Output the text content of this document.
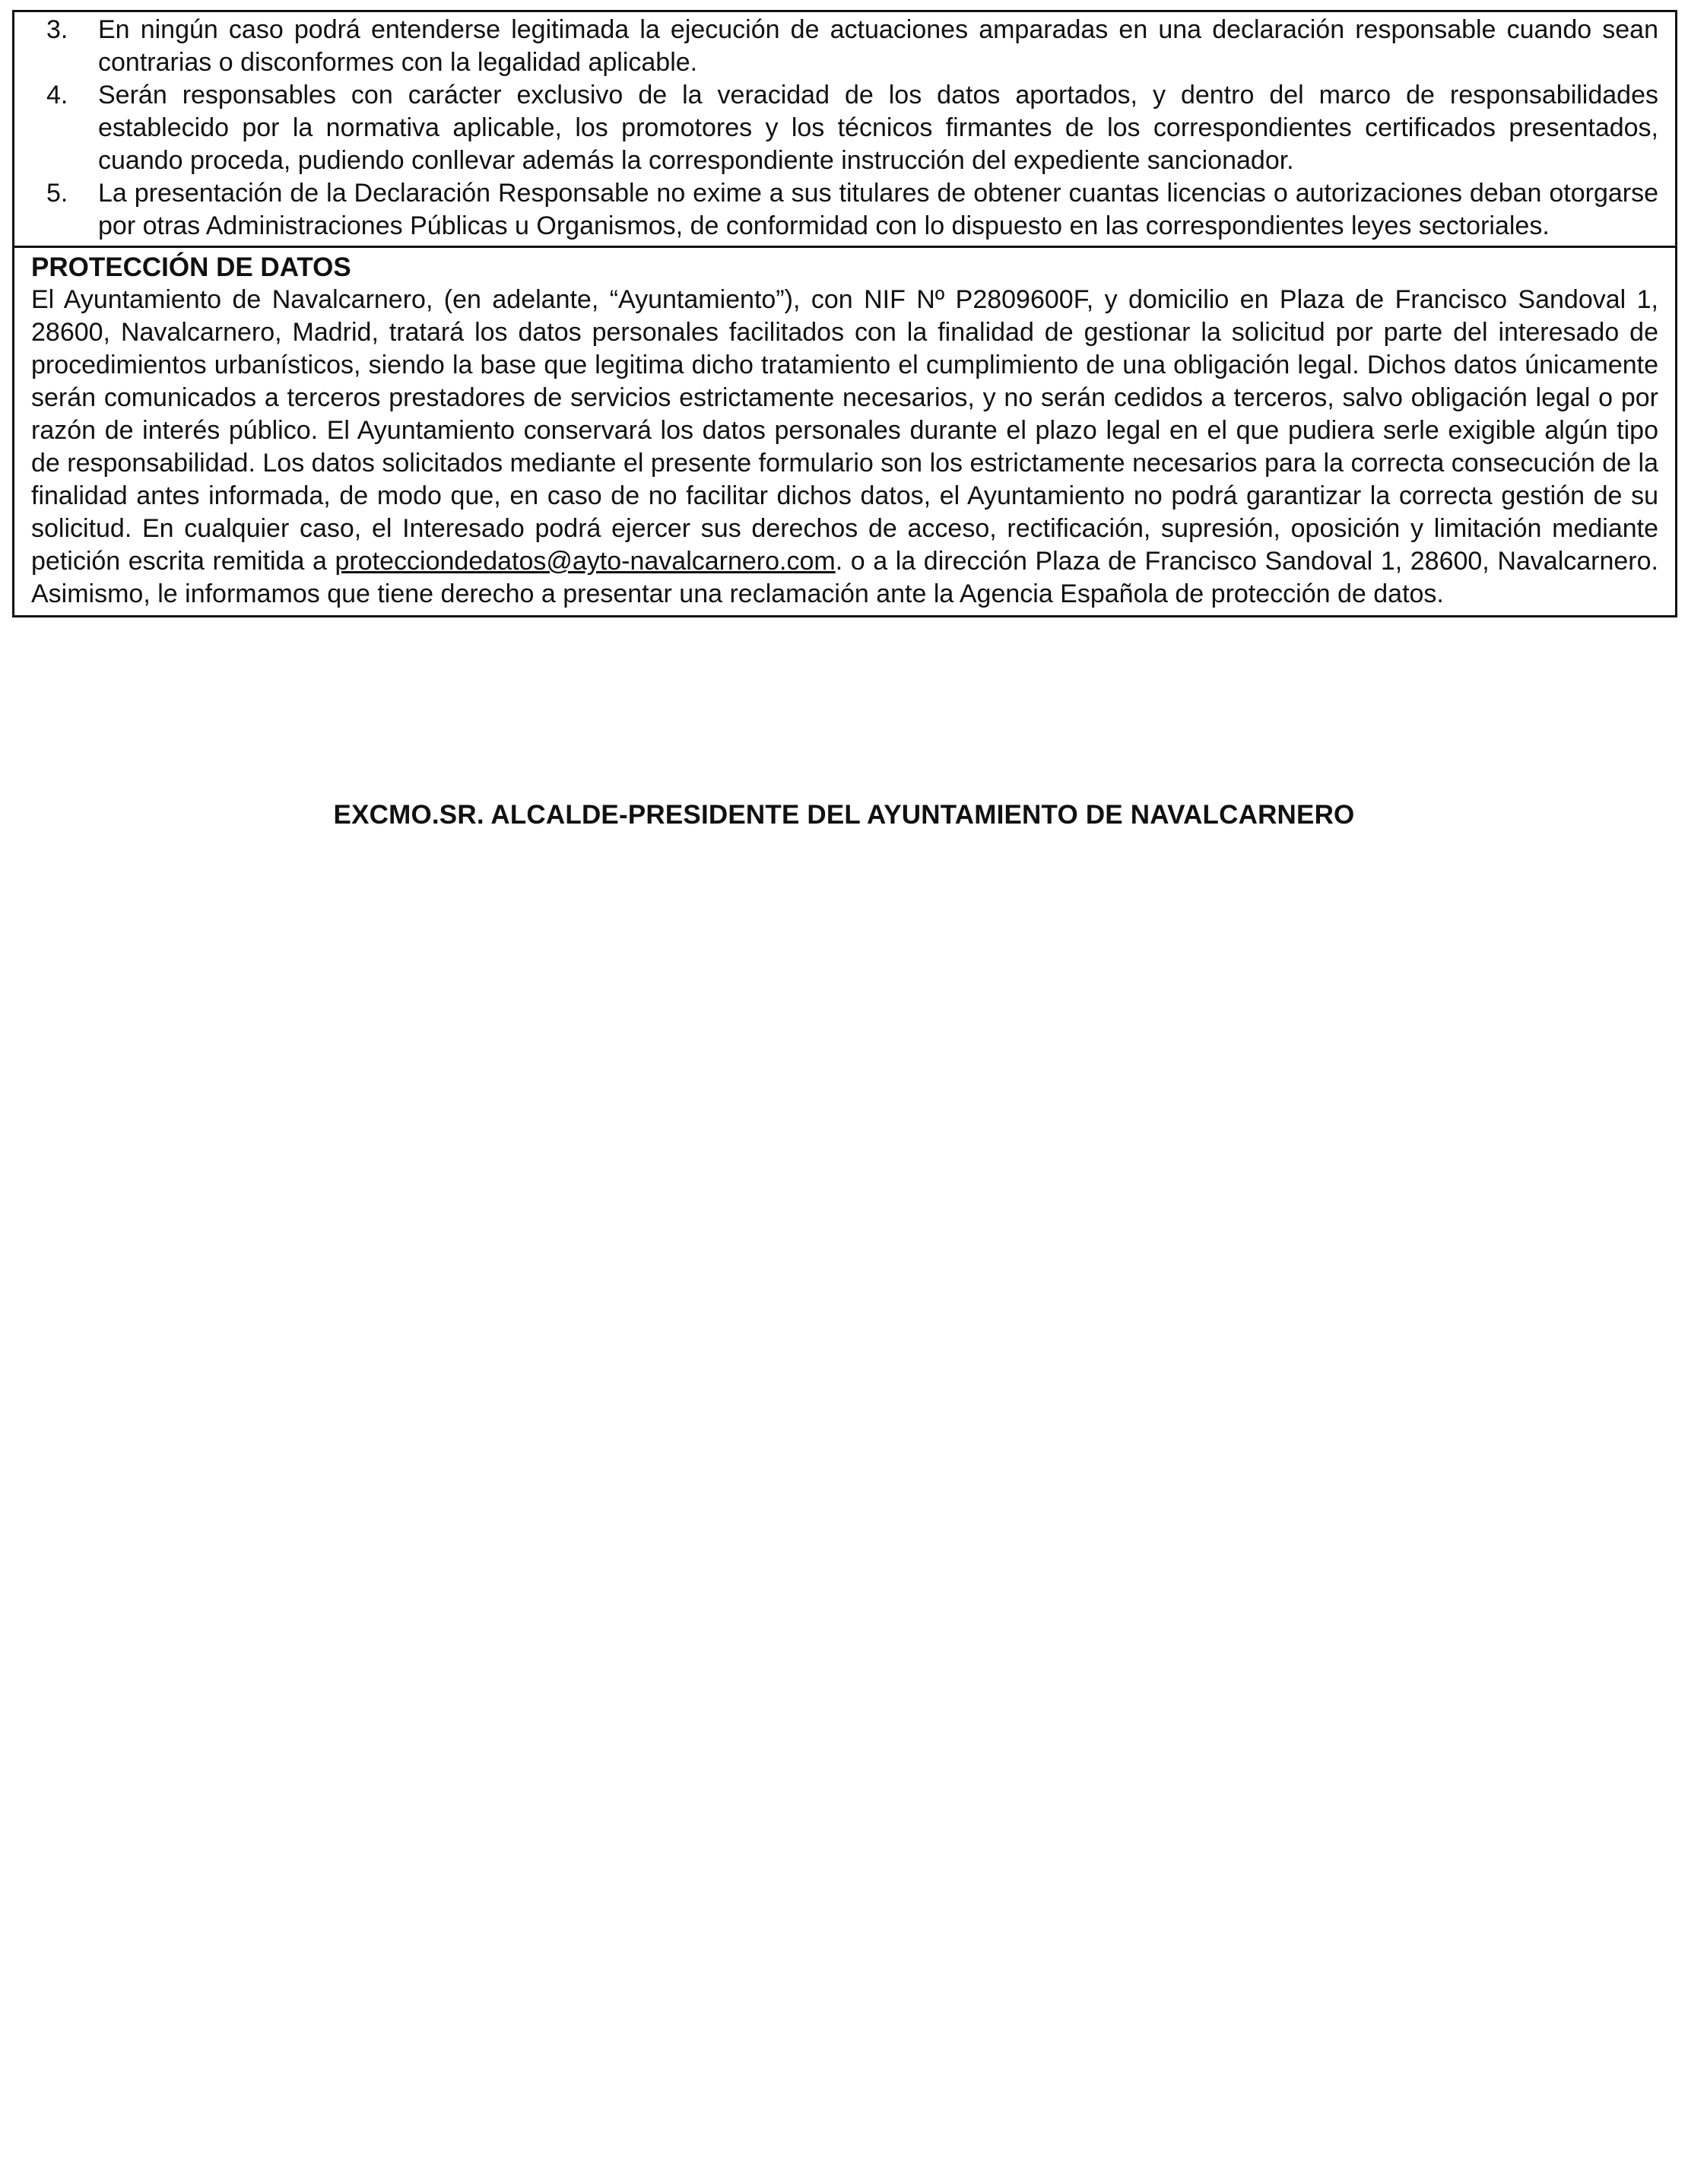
3.	En ningún caso podrá entenderse legitimada la ejecución de actuaciones amparadas en una declaración responsable cuando sean contrarias o disconformes con la legalidad aplicable.
4.	Serán responsables con carácter exclusivo de la veracidad de los datos aportados, y dentro del marco de responsabilidades establecido por la normativa aplicable, los promotores y los técnicos firmantes de los correspondientes certificados presentados, cuando proceda, pudiendo conllevar además la correspondiente instrucción del expediente sancionador.
5.	La presentación de la Declaración Responsable no exime a sus titulares de obtener cuantas licencias o autorizaciones deban otorgarse por otras Administraciones Públicas u Organismos, de conformidad con lo dispuesto en las correspondientes leyes sectoriales.

PROTECCIÓN DE DATOS

El Ayuntamiento de Navalcarnero, (en adelante, “Ayuntamiento”), con NIF Nº P2809600F, y domicilio en Plaza de Francisco Sandoval 1, 28600, Navalcarnero, Madrid, tratará los datos personales facilitados con la finalidad de gestionar la solicitud por parte del interesado de procedimientos urbanísticos, siendo la base que legitima dicho tratamiento el cumplimiento de una obligación legal. Dichos datos únicamente serán comunicados a terceros prestadores de servicios estrictamente necesarios, y no serán cedidos a terceros, salvo obligación legal o por razón de interés público. El Ayuntamiento conservará los datos personales durante el plazo legal en el que pudiera serle exigible algún tipo de responsabilidad. Los datos solicitados mediante el presente formulario son los estrictamente necesarios para la correcta consecución de la finalidad antes informada, de modo que, en caso de no facilitar dichos datos, el Ayuntamiento no podrá garantizar la correcta gestión de su solicitud. En cualquier caso, el Interesado podrá ejercer sus derechos de acceso, rectificación, supresión, oposición y limitación mediante petición escrita remitida a protecciondedatos@ayto-navalcarnero.com. o a la dirección Plaza de Francisco Sandoval 1, 28600, Navalcarnero. Asimismo, le informamos que tiene derecho a presentar una reclamación ante la Agencia Española de protección de datos.

EXCMO.SR. ALCALDE-PRESIDENTE DEL AYUNTAMIENTO DE NAVALCARNERO
